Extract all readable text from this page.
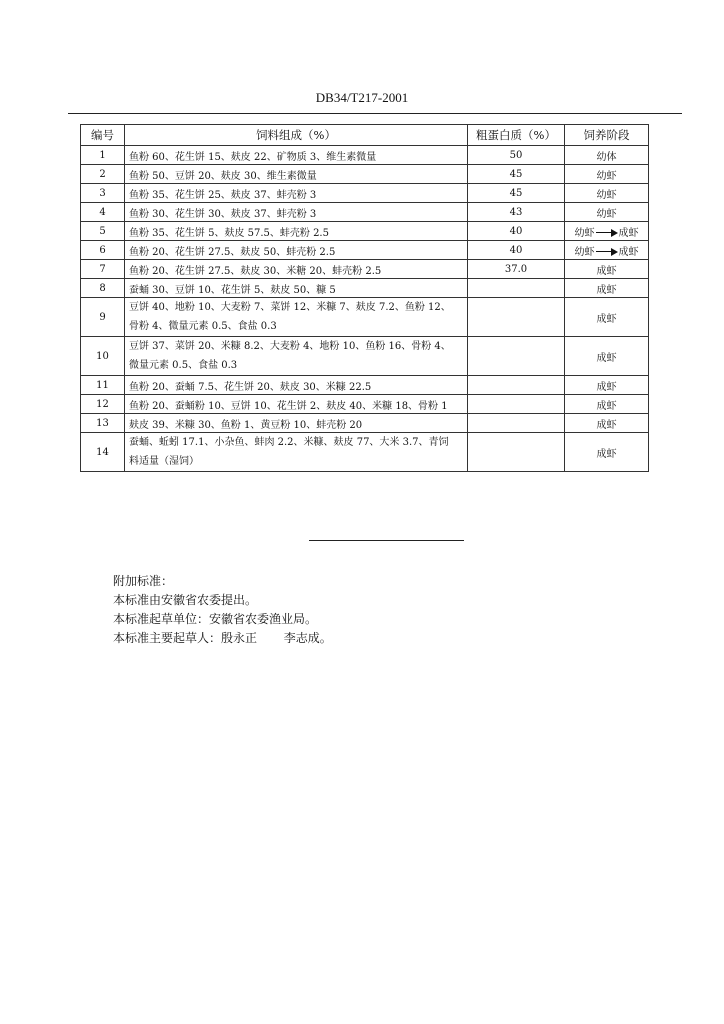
DB34/T217-2001
编号	饲料组成（%）	粗蛋白质（%）	饲养阶段
1	鱼粉 60、花生饼 15、麸皮 22、矿物质 3、维生素微量	50	幼体
2	鱼粉 50、豆饼 20、麸皮 30、维生素微量	45	幼虾
3	鱼粉 35、花生饼 25、麸皮 37、蚌壳粉 3	45	幼虾
4	鱼粉 30、花生饼 30、麸皮 37、蚌壳粉 3	43	幼虾
5	鱼粉 35、花生饼 5、麸皮 57.5、蚌壳粉 2.5	40	幼虾 成虾
6	鱼粉 20、花生饼 27.5、麸皮 50、蚌壳粉 2.5	40	幼虾 成虾
7	鱼粉 20、花生饼 27.5、麸皮 30、米糖 20、蚌壳粉 2.5	37.0	成虾
8	蚕蛹 30、豆饼 10、花生饼 5、麸皮 50、糠 5		成虾
9	豆饼 40、地粉 10、大麦粉 7、菜饼 12、米糠 7、麸皮 7.2、鱼粉 12、
骨粉 4、微量元素 0.5、食盐 0.3		成虾
10	豆饼 37、菜饼 20、米糠 8.2、大麦粉 4、地粉 10、鱼粉 16、骨粉 4、
微量元素 0.5、食盐 0.3		成虾
11	鱼粉 20、蚕蛹 7.5、花生饼 20、麸皮 30、米糠 22.5		成虾
12	鱼粉 20、蚕蛹粉 10、豆饼 10、花生饼 2、麸皮 40、米糠 18、骨粉 1		成虾
13	麸皮 39、米糠 30、鱼粉 1、黄豆粉 10、蚌壳粉 20		成虾
14	蚕蛹、蚯蚓 17.1、小杂鱼、蚌肉 2.2、米糠、麸皮 77、大米 3.7、青饲
料适量（湿饲）		成虾
附加标准：
本标准由安徽省农委提出。
本标准起草单位：安徽省农委渔业局。
本标准主要起草人：殷永正       李志成。
